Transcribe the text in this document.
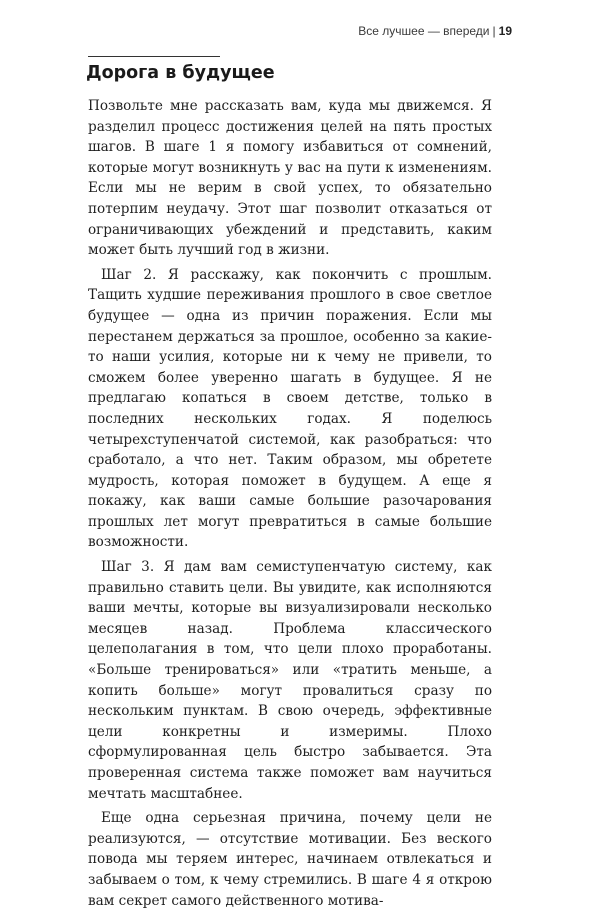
Все лучшее — впереди | 19
Дорога в будущее

Позвольте мне рассказать вам, куда мы движемся. Я разделил процесс достижения целей на пять простых шагов. В шаге 1 я помогу избавиться от сомнений, которые могут возникнуть у вас на пути к изменениям. Если мы не верим в свой успех, то обязательно потерпим неудачу. Этот шаг позволит отказаться от ограничивающих убеждений и представить, каким может быть лучший год в жизни.

Шаг 2. Я расскажу, как покончить с прошлым. Тащить худшие переживания прошлого в свое светлое будущее — одна из причин поражения. Если мы перестанем держаться за прошлое, особенно за какие-то наши усилия, которые ни к чему не привели, то сможем более уверенно шагать в будущее. Я не предлагаю копаться в своем детстве, только в последних нескольких годах. Я поделюсь четырехступенчатой системой, как разобраться: что сработало, а что нет. Таким образом, мы обретете мудрость, которая поможет в будущем. А еще я покажу, как ваши самые большие разочарования прошлых лет могут превратиться в самые большие возможности.

Шаг 3. Я дам вам семиступенчатую систему, как правильно ставить цели. Вы увидите, как исполняются ваши мечты, которые вы визуализировали несколько месяцев назад. Проблема классического целеполагания в том, что цели плохо проработаны. «Больше тренироваться» или «тратить меньше, а копить больше» могут провалиться сразу по нескольким пунктам. В свою очередь, эффективные цели конкретны и измеримы. Плохо сформулированная цель быстро забывается. Эта проверенная система также поможет вам научиться мечтать масштабнее.

Еще одна серьезная причина, почему цели не реализуются, — отсутствие мотивации. Без веского повода мы теряем интерес, начинаем отвлекаться и забываем о том, к чему стремились. В шаге 4 я открою вам секрет самого действенного мотива-
